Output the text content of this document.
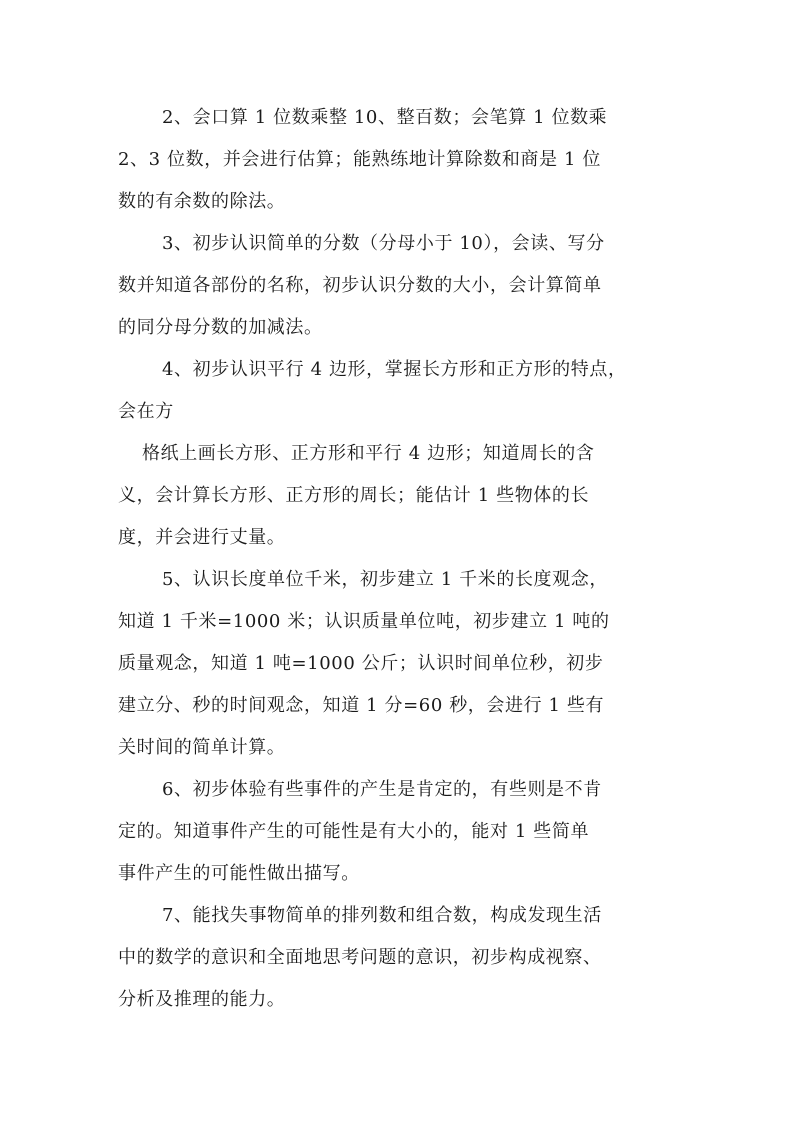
2、会口算 1 位数乘整 10、整百数；会笔算 1 位数乘
2、3 位数，并会进行估算；能熟练地计算除数和商是 1 位
数的有余数的除法。
3、初步认识简单的分数（分母小于 10），会读、写分
数并知道各部份的名称，初步认识分数的大小，会计算简单
的同分母分数的加减法。
4、初步认识平行 4 边形，掌握长方形和正方形的特点，
会在方
格纸上画长方形、正方形和平行 4 边形；知道周长的含
义，会计算长方形、正方形的周长；能估计 1 些物体的长
度，并会进行丈量。
5、认识长度单位千米，初步建立 1 千米的长度观念，
知道 1 千米=1000 米；认识质量单位吨，初步建立 1 吨的
质量观念，知道 1 吨=1000 公斤；认识时间单位秒，初步
建立分、秒的时间观念，知道 1 分=60 秒，会进行 1 些有
关时间的简单计算。
6、初步体验有些事件的产生是肯定的，有些则是不肯
定的。知道事件产生的可能性是有大小的，能对 1 些简单
事件产生的可能性做出描写。
7、能找失事物简单的排列数和组合数，构成发现生活
中的数学的意识和全面地思考问题的意识，初步构成视察、
分析及推理的能力。
